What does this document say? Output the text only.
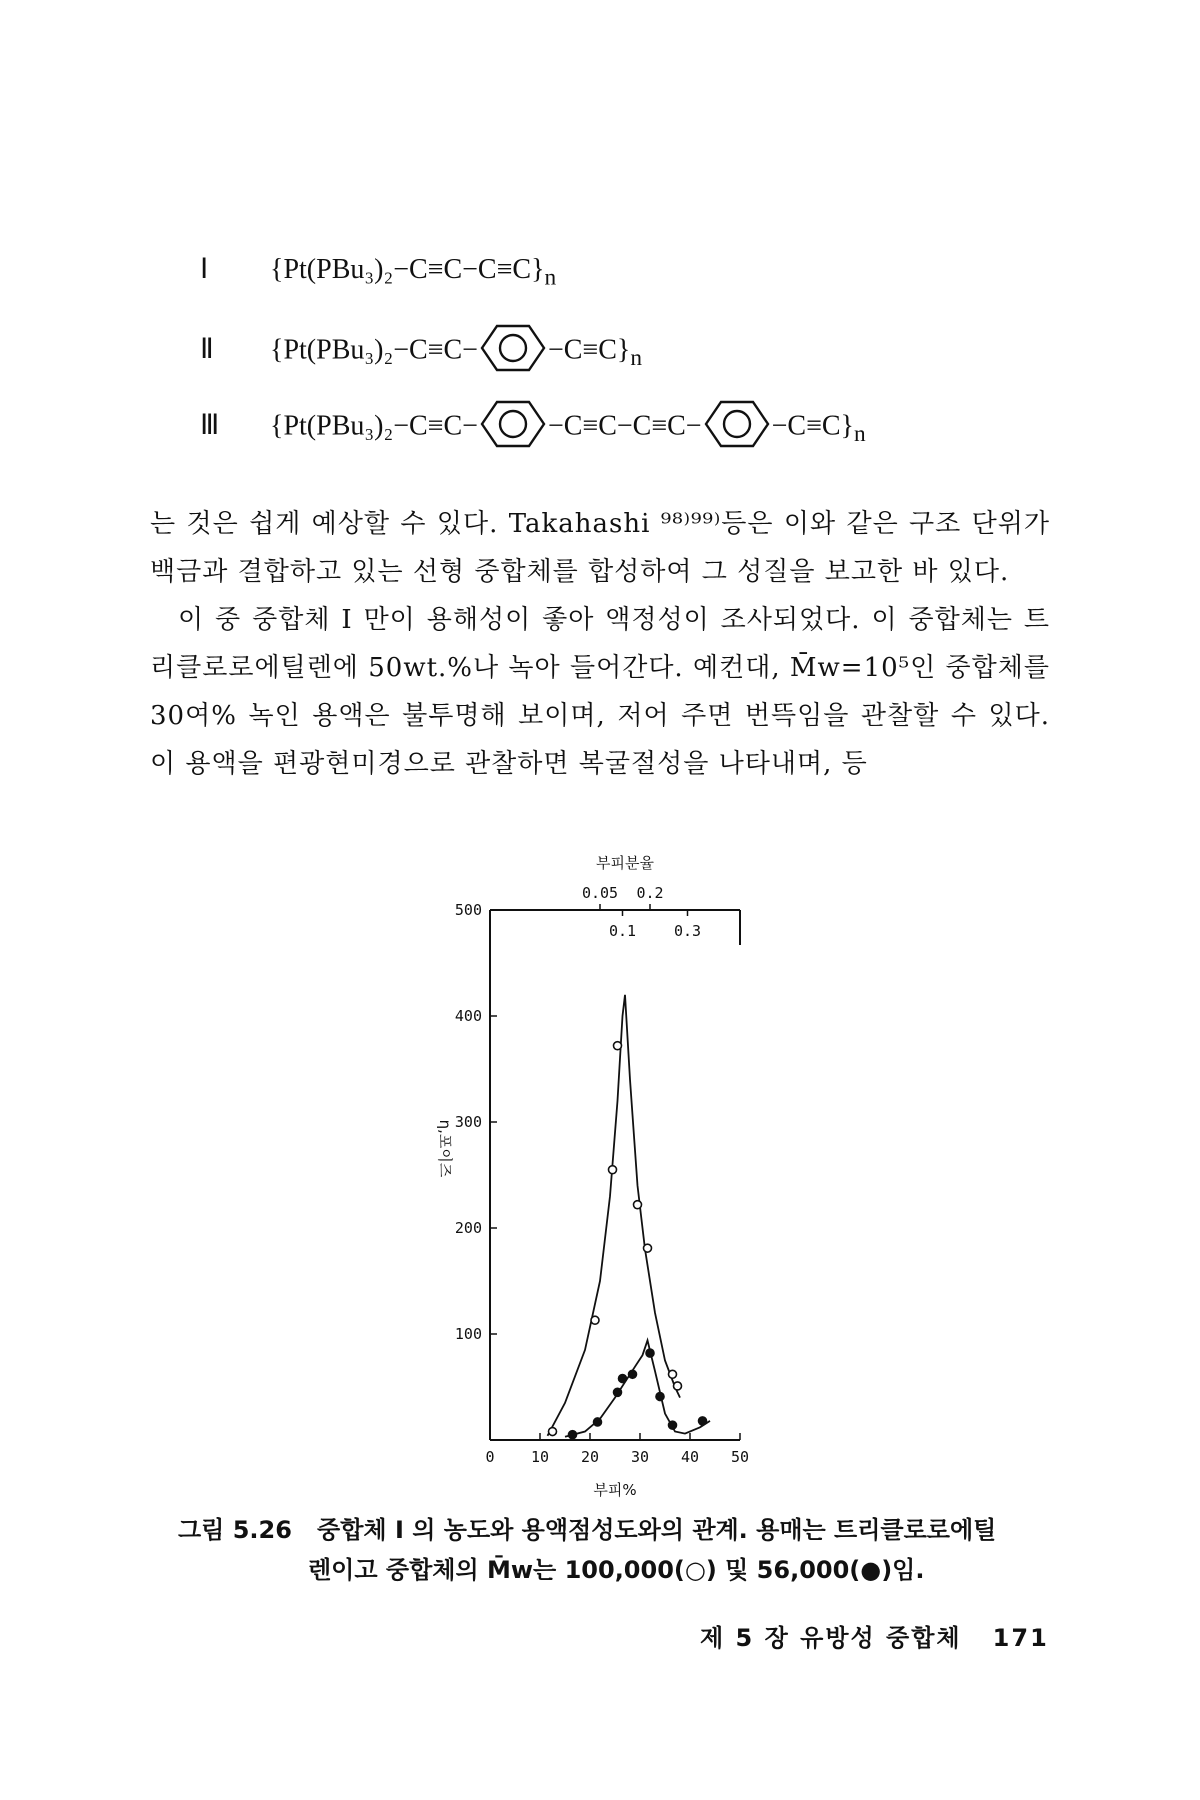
Ⅰ $\{Pt(PBu_3)_2-C\equiv C-C\equiv C\}_n$
Ⅱ {Pt(PBu₃)₂−C≡C−	$-C\equiv C\}_n$
Ⅲ {Pt(PBu₃)₂−C≡C−	−C≡C−C≡C−	$-C\equiv C\}_n$

는 것은 쉽게 예상할 수 있다. Takahashi ⁹⁸⁾⁹⁹⁾등은 이와 같은 구조 단위가 백금과 결합하고 있는 선형 중합체를 합성하여 그 성질을 보고한 바 있다.

이 중 중합체 I 만이 용해성이 좋아 액정성이 조사되었다. 이 중합체는 트리클로로에틸렌에 50wt.%나 녹아 들어간다. 예컨대, M̄w=10⁵인 중합체를 30여% 녹인 용액은 불투명해 보이며, 저어 주면 번뜩임을 관찰할 수 있다. 이 용액을 편광현미경으로 관찰하면 복굴절성을 나타내며, 등

100
200
300
400
500
0 10 20 30 40 50
0.05 0.2
0.1	0.3
부피분율
부피%
η,포이즈
그림 5.26 중합체 I 의 농도와 용액점성도와의 관계. 용매는 트리클로로에틸
렌이고 중합체의 M̄w는 100,000(○) 및 56,000(●)임.
제 5 장 유방성 중합체 171
